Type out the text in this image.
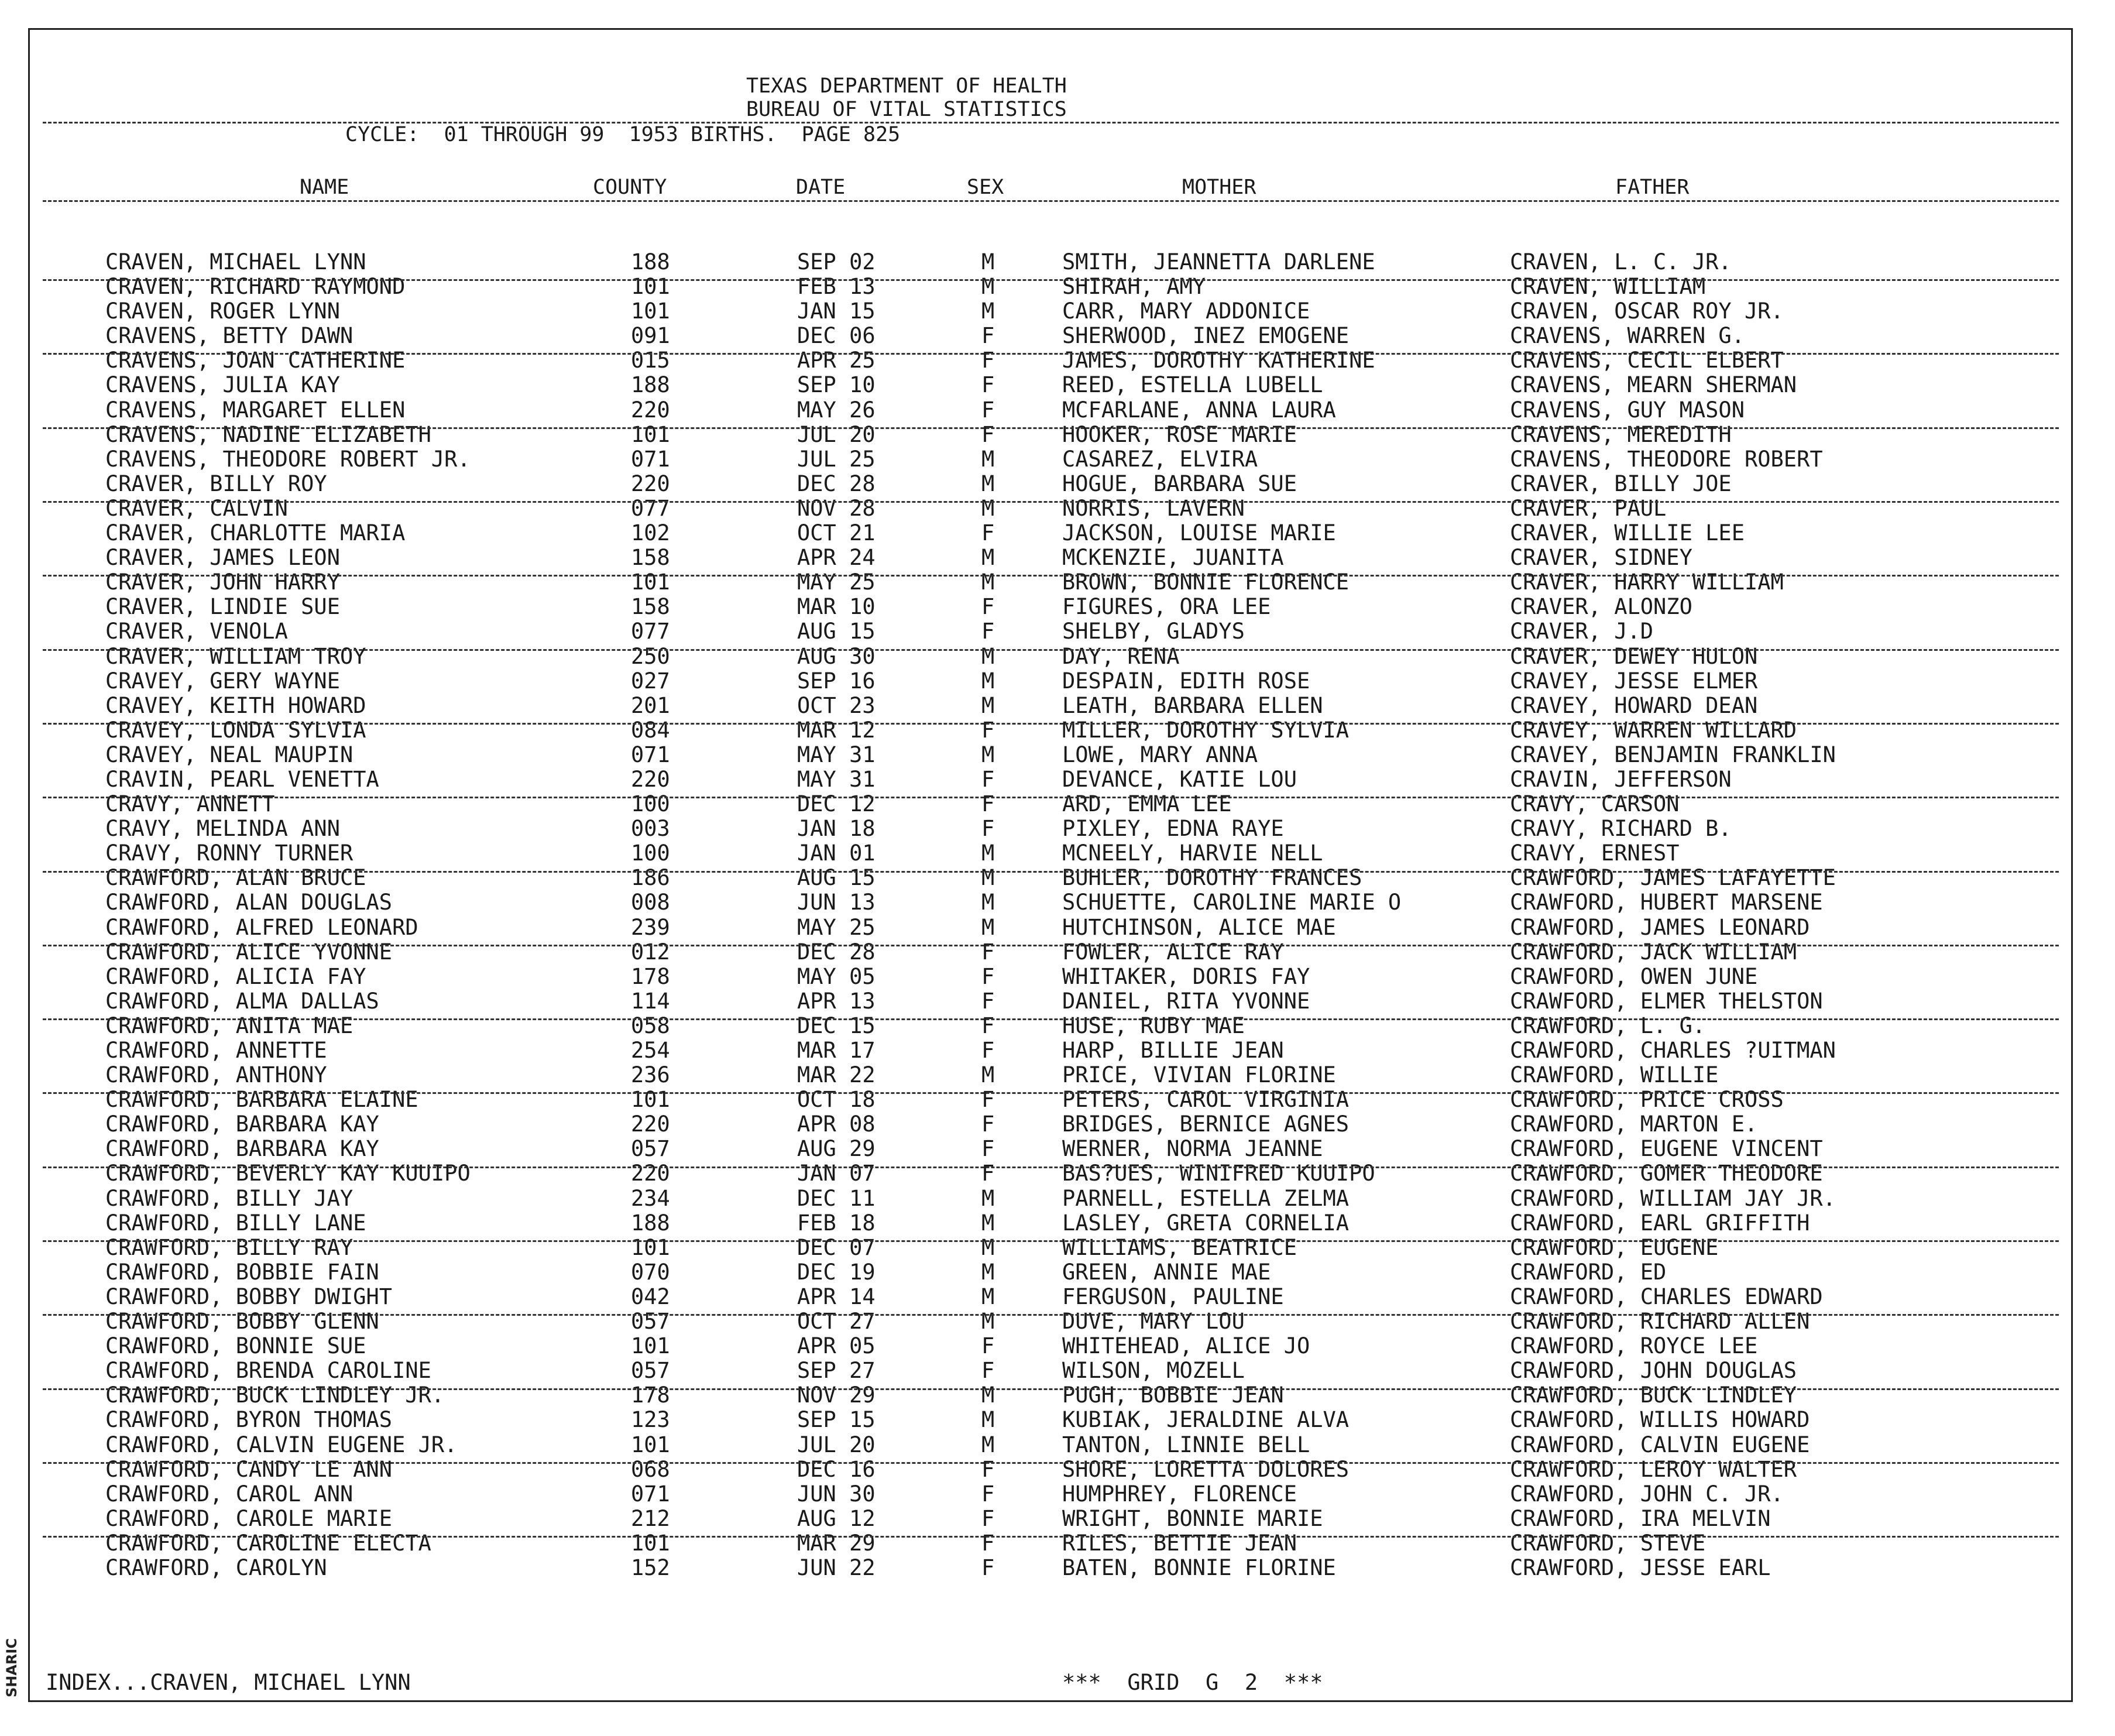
SHARIC
TEXAS DEPARTMENT OF HEALTH
BUREAU OF VITAL STATISTICS
CYCLE:  01 THROUGH 99  1953 BIRTHS.  PAGE 825
NAME	COUNTY	DATE	SEX	MOTHER	FATHER
CRAVEN, MICHAEL LYNN	188	SEP 02	M	SMITH, JEANNETTA DARLENE	CRAVEN, L. C. JR.
CRAVEN, RICHARD RAYMOND	101	FEB 13	M	SHIRAH, AMY	CRAVEN, WILLIAM
CRAVEN, ROGER LYNN	101	JAN 15	M	CARR, MARY ADDONICE	CRAVEN, OSCAR ROY JR.
CRAVENS, BETTY DAWN	091	DEC 06	F	SHERWOOD, INEZ EMOGENE	CRAVENS, WARREN G.
CRAVENS, JOAN CATHERINE	015	APR 25	F	JAMES, DOROTHY KATHERINE	CRAVENS, CECIL ELBERT
CRAVENS, JULIA KAY	188	SEP 10	F	REED, ESTELLA LUBELL	CRAVENS, MEARN SHERMAN
CRAVENS, MARGARET ELLEN	220	MAY 26	F	MCFARLANE, ANNA LAURA	CRAVENS, GUY MASON
CRAVENS, NADINE ELIZABETH	101	JUL 20	F	HOOKER, ROSE MARIE	CRAVENS, MEREDITH
CRAVENS, THEODORE ROBERT JR.	071	JUL 25	M	CASAREZ, ELVIRA	CRAVENS, THEODORE ROBERT
CRAVER, BILLY ROY	220	DEC 28	M	HOGUE, BARBARA SUE	CRAVER, BILLY JOE
CRAVER, CALVIN	077	NOV 28	M	NORRIS, LAVERN	CRAVER, PAUL
CRAVER, CHARLOTTE MARIA	102	OCT 21	F	JACKSON, LOUISE MARIE	CRAVER, WILLIE LEE
CRAVER, JAMES LEON	158	APR 24	M	MCKENZIE, JUANITA	CRAVER, SIDNEY
CRAVER, JOHN HARRY	101	MAY 25	M	BROWN, BONNIE FLORENCE	CRAVER, HARRY WILLIAM
CRAVER, LINDIE SUE	158	MAR 10	F	FIGURES, ORA LEE	CRAVER, ALONZO
CRAVER, VENOLA	077	AUG 15	F	SHELBY, GLADYS	CRAVER, J.D
CRAVER, WILLIAM TROY	250	AUG 30	M	DAY, RENA	CRAVER, DEWEY HULON
CRAVEY, GERY WAYNE	027	SEP 16	M	DESPAIN, EDITH ROSE	CRAVEY, JESSE ELMER
CRAVEY, KEITH HOWARD	201	OCT 23	M	LEATH, BARBARA ELLEN	CRAVEY, HOWARD DEAN
CRAVEY, LONDA SYLVIA	084	MAR 12	F	MILLER, DOROTHY SYLVIA	CRAVEY, WARREN WILLARD
CRAVEY, NEAL MAUPIN	071	MAY 31	M	LOWE, MARY ANNA	CRAVEY, BENJAMIN FRANKLIN
CRAVIN, PEARL VENETTA	220	MAY 31	F	DEVANCE, KATIE LOU	CRAVIN, JEFFERSON
CRAVY, ANNETT	100	DEC 12	F	ARD, EMMA LEE	CRAVY, CARSON
CRAVY, MELINDA ANN	003	JAN 18	F	PIXLEY, EDNA RAYE	CRAVY, RICHARD B.
CRAVY, RONNY TURNER	100	JAN 01	M	MCNEELY, HARVIE NELL	CRAVY, ERNEST
CRAWFORD, ALAN BRUCE	186	AUG 15	M	BUHLER, DOROTHY FRANCES	CRAWFORD, JAMES LAFAYETTE
CRAWFORD, ALAN DOUGLAS	008	JUN 13	M	SCHUETTE, CAROLINE MARIE O	CRAWFORD, HUBERT MARSENE
CRAWFORD, ALFRED LEONARD	239	MAY 25	M	HUTCHINSON, ALICE MAE	CRAWFORD, JAMES LEONARD
CRAWFORD, ALICE YVONNE	012	DEC 28	F	FOWLER, ALICE RAY	CRAWFORD, JACK WILLIAM
CRAWFORD, ALICIA FAY	178	MAY 05	F	WHITAKER, DORIS FAY	CRAWFORD, OWEN JUNE
CRAWFORD, ALMA DALLAS	114	APR 13	F	DANIEL, RITA YVONNE	CRAWFORD, ELMER THELSTON
CRAWFORD, ANITA MAE	058	DEC 15	F	HUSE, RUBY MAE	CRAWFORD, L. G.
CRAWFORD, ANNETTE	254	MAR 17	F	HARP, BILLIE JEAN	CRAWFORD, CHARLES ?UITMAN
CRAWFORD, ANTHONY	236	MAR 22	M	PRICE, VIVIAN FLORINE	CRAWFORD, WILLIE
CRAWFORD, BARBARA ELAINE	101	OCT 18	F	PETERS, CAROL VIRGINIA	CRAWFORD, PRICE CROSS
CRAWFORD, BARBARA KAY	220	APR 08	F	BRIDGES, BERNICE AGNES	CRAWFORD, MARTON E.
CRAWFORD, BARBARA KAY	057	AUG 29	F	WERNER, NORMA JEANNE	CRAWFORD, EUGENE VINCENT
CRAWFORD, BEVERLY KAY KUUIPO	220	JAN 07	F	BAS?UES, WINIFRED KUUIPO	CRAWFORD, GOMER THEODORE
CRAWFORD, BILLY JAY	234	DEC 11	M	PARNELL, ESTELLA ZELMA	CRAWFORD, WILLIAM JAY JR.
CRAWFORD, BILLY LANE	188	FEB 18	M	LASLEY, GRETA CORNELIA	CRAWFORD, EARL GRIFFITH
CRAWFORD, BILLY RAY	101	DEC 07	M	WILLIAMS, BEATRICE	CRAWFORD, EUGENE
CRAWFORD, BOBBIE FAIN	070	DEC 19	M	GREEN, ANNIE MAE	CRAWFORD, ED
CRAWFORD, BOBBY DWIGHT	042	APR 14	M	FERGUSON, PAULINE	CRAWFORD, CHARLES EDWARD
CRAWFORD, BOBBY GLENN	057	OCT 27	M	DUVE, MARY LOU	CRAWFORD, RICHARD ALLEN
CRAWFORD, BONNIE SUE	101	APR 05	F	WHITEHEAD, ALICE JO	CRAWFORD, ROYCE LEE
CRAWFORD, BRENDA CAROLINE	057	SEP 27	F	WILSON, MOZELL	CRAWFORD, JOHN DOUGLAS
CRAWFORD, BUCK LINDLEY JR.	178	NOV 29	M	PUGH, BOBBIE JEAN	CRAWFORD, BUCK LINDLEY
CRAWFORD, BYRON THOMAS	123	SEP 15	M	KUBIAK, JERALDINE ALVA	CRAWFORD, WILLIS HOWARD
CRAWFORD, CALVIN EUGENE JR.	101	JUL 20	M	TANTON, LINNIE BELL	CRAWFORD, CALVIN EUGENE
CRAWFORD, CANDY LE ANN	068	DEC 16	F	SHORE, LORETTA DOLORES	CRAWFORD, LEROY WALTER
CRAWFORD, CAROL ANN	071	JUN 30	F	HUMPHREY, FLORENCE	CRAWFORD, JOHN C. JR.
CRAWFORD, CAROLE MARIE	212	AUG 12	F	WRIGHT, BONNIE MARIE	CRAWFORD, IRA MELVIN
CRAWFORD, CAROLINE ELECTA	101	MAR 29	F	RILES, BETTIE JEAN	CRAWFORD, STEVE
CRAWFORD, CAROLYN	152	JUN 22	F	BATEN, BONNIE FLORINE	CRAWFORD, JESSE EARL
INDEX...CRAVEN, MICHAEL LYNN	***  GRID  G  2  ***
